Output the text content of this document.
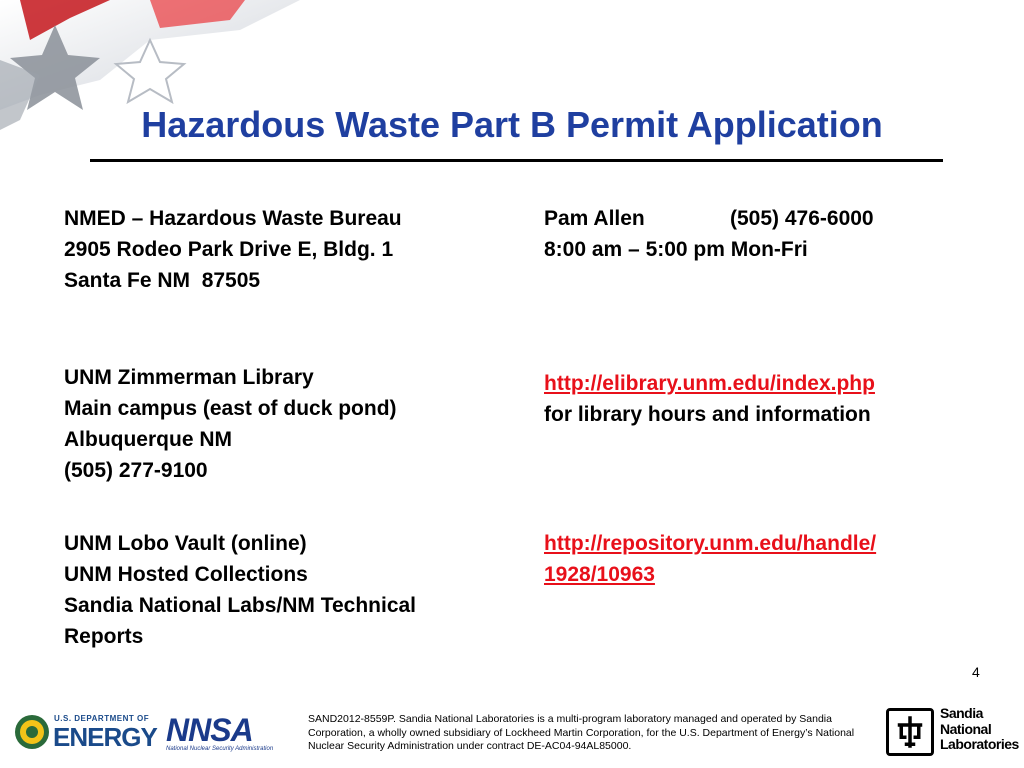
Hazardous Waste Part B Permit Application
NMED – Hazardous Waste Bureau
2905 Rodeo Park Drive E, Bldg. 1
Santa Fe NM  87505
UNM Zimmerman Library
Main campus (east of duck pond)
Albuquerque NM
(505) 277-9100
UNM Lobo Vault (online)
UNM Hosted Collections
Sandia National Labs/NM Technical
Reports
Pam Allen	(505) 476-6000
8:00 am – 5:00 pm Mon-Fri
http://elibrary.unm.edu/index.php
for library hours and information
http://repository.unm.edu/handle/
1928/10963
4
U.S. DEPARTMENT OF
ENERGY NNSA
National Nuclear Security Administration
SAND2012-8559P. Sandia National Laboratories is a multi-program laboratory managed and operated by Sandia Corporation, a wholly owned subsidiary of Lockheed Martin Corporation, for the U.S. Department of Energy’s National Nuclear Security Administration under contract DE-AC04-94AL85000.
Sandia
National
Laboratories
